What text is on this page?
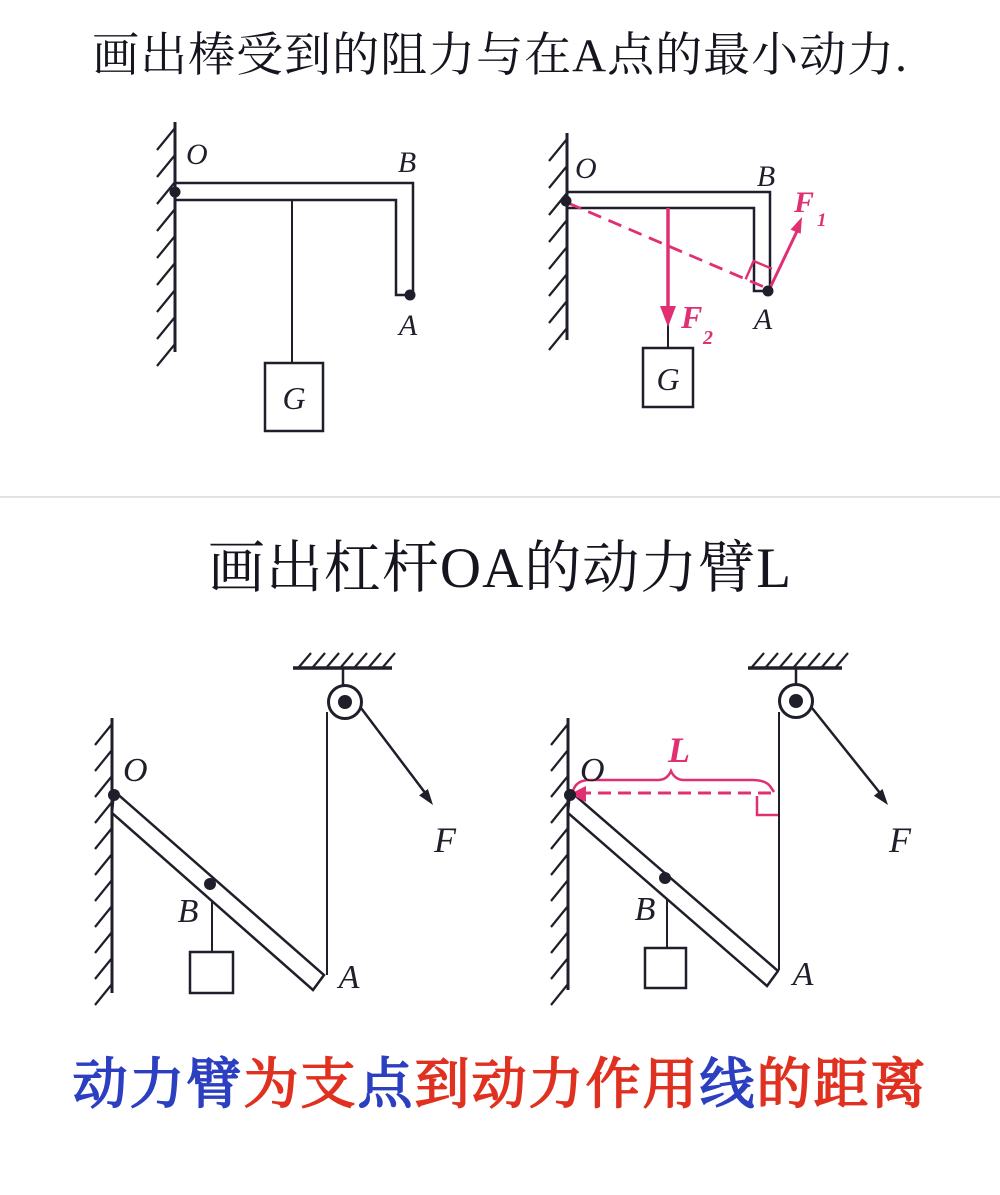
画出棒受到的阻力与在A点的最小动力.
O	B
A
G
O	B
A
G
F
1
F
2
O
B
A
F
O
B
A
F
L
画出杠杆OA的动力臂L
动力臂为支点到动力作用线的距离
